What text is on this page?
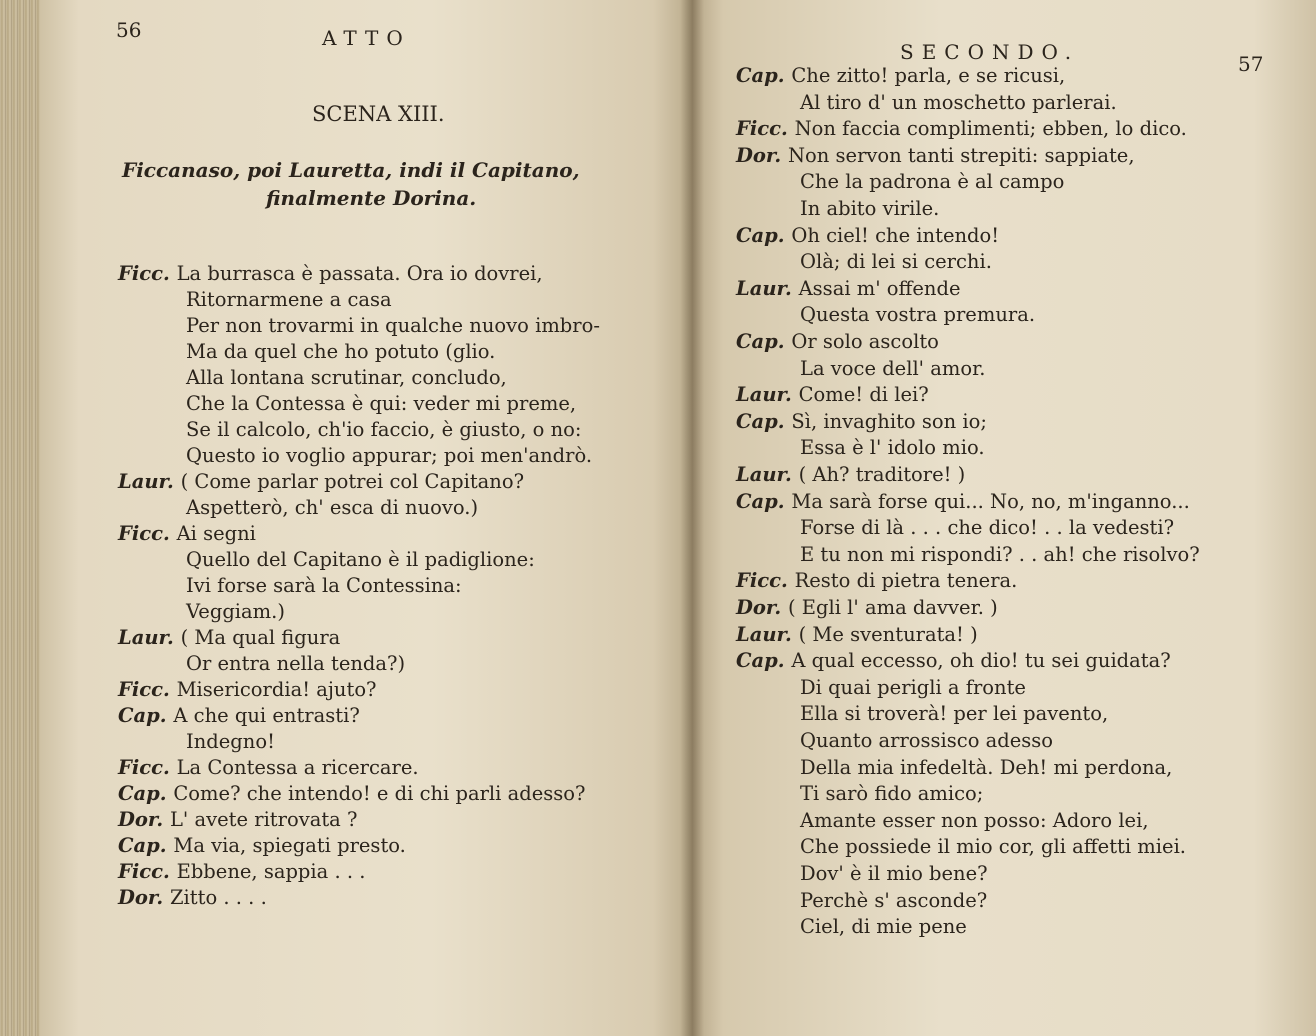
56	ATTO
SCENA XIII.
Ficcanaso, poi Lauretta, indi il Capitano,
finalmente Dorina.
Ficc. La burrasca è passata. Ora io dovrei,
Ritornarmene a casa
Per non trovarmi in qualche nuovo imbro-
Ma da quel che ho potuto (glio.
Alla lontana scrutinar, concludo,
Che la Contessa è qui: veder mi preme,
Se il calcolo, ch'io faccio, è giusto, o no:
Questo io voglio appurar; poi men'andrò.
Laur. ( Come parlar potrei col Capitano?
Aspetterò, ch' esca di nuovo.)
Ficc. Ai segni
Quello del Capitano è il padiglione:
Ivi forse sarà la Contessina:
Veggiam.)
Laur. ( Ma qual figura
Or entra nella tenda?)
Ficc. Misericordia! ajuto?
Cap. A che qui entrasti?
Indegno!
Ficc. La Contessa a ricercare.
Cap. Come? che intendo! e di chi parli adesso?
Dor. L' avete ritrovata ?
Cap. Ma via, spiegati presto.
Ficc. Ebbene, sappia . . .
Dor. Zitto . . . .
SECONDO.	57
Cap. Che zitto! parla, e se ricusi,
Al tiro d' un moschetto parlerai.
Ficc. Non faccia complimenti; ebben, lo dico.
Dor. Non servon tanti strepiti: sappiate,
Che la padrona è al campo
In abito virile.
Cap. Oh ciel! che intendo!
Olà; di lei si cerchi.
Laur. Assai m' offende
Questa vostra premura.
Cap. Or solo ascolto
La voce dell' amor.
Laur. Come! di lei?
Cap. Sì, invaghito son io;
Essa è l' idolo mio.
Laur. ( Ah? traditore! )
Cap. Ma sarà forse qui... No, no, m'inganno...
Forse di là . . . che dico! . . la vedesti?
E tu non mi rispondi? . . ah! che risolvo?
Ficc. Resto di pietra tenera.
Dor. ( Egli l' ama davver. )
Laur. ( Me sventurata! )
Cap. A qual eccesso, oh dio! tu sei guidata?
Di quai perigli a fronte
Ella si troverà! per lei pavento,
Quanto arrossisco adesso
Della mia infedeltà. Deh! mi perdona,
Ti sarò fido amico;
Amante esser non posso: Adoro lei,
Che possiede il mio cor, gli affetti miei.
Dov' è il mio bene?
Perchè s' asconde?
Ciel, di mie pene
